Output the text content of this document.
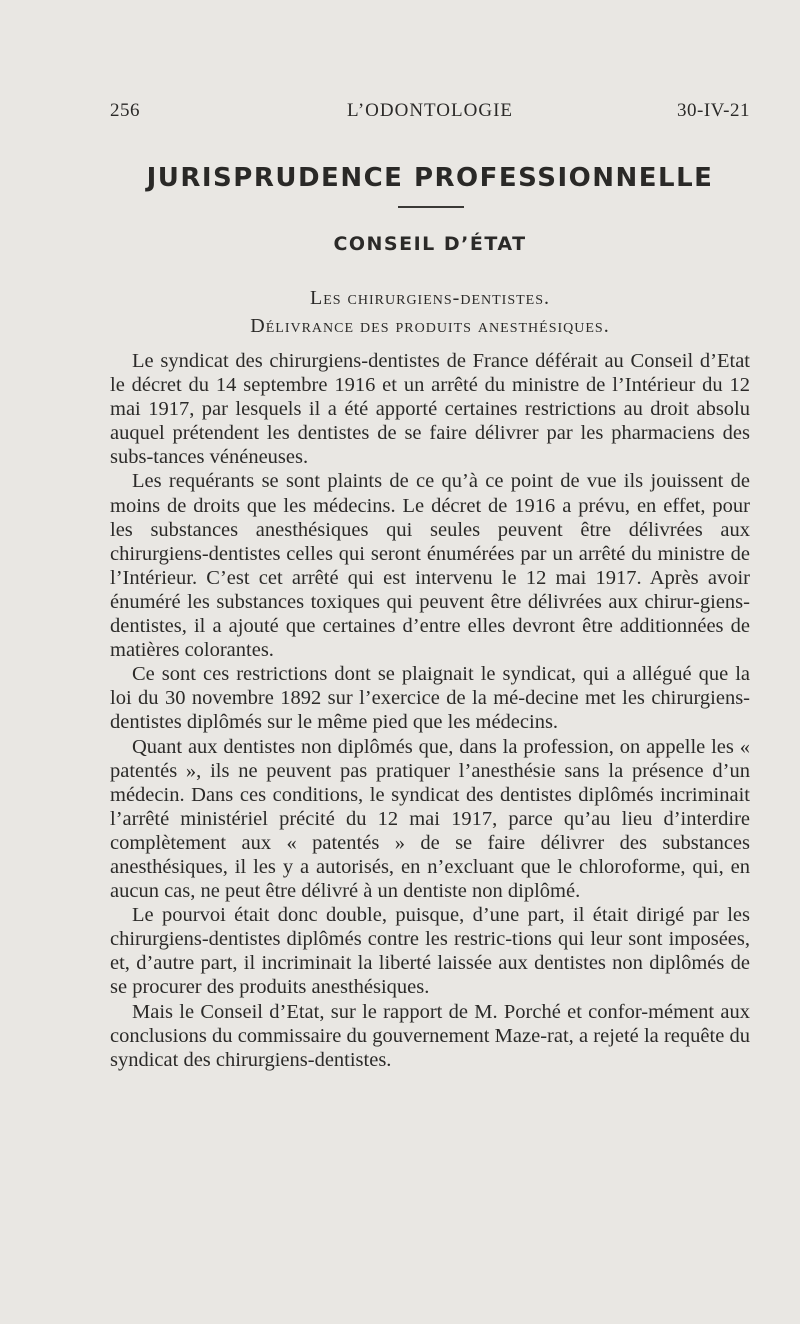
256	L’ODONTOLOGIE	30-IV-21
JURISPRUDENCE PROFESSIONNELLE
CONSEIL D’ÉTAT
Les chirurgiens-dentistes.
Délivrance des produits anesthésiques.

Le syndicat des chirurgiens-dentistes de France déférait au Conseil d’Etat le décret du 14 septembre 1916 et un arrêté du ministre de l’Intérieur du 12 mai 1917, par lesquels il a été apporté certaines restrictions au droit absolu auquel prétendent les dentistes de se faire délivrer par les pharmaciens des subs-tances vénéneuses.

Les requérants se sont plaints de ce qu’à ce point de vue ils jouissent de moins de droits que les médecins. Le décret de 1916 a prévu, en effet, pour les substances anesthésiques qui seules peuvent être délivrées aux chirurgiens-dentistes celles qui seront énumérées par un arrêté du ministre de l’Intérieur. C’est cet arrêté qui est intervenu le 12 mai 1917. Après avoir énuméré les substances toxiques qui peuvent être délivrées aux chirur-giens-dentistes, il a ajouté que certaines d’entre elles devront être additionnées de matières colorantes.

Ce sont ces restrictions dont se plaignait le syndicat, qui a allégué que la loi du 30 novembre 1892 sur l’exercice de la mé-decine met les chirurgiens-dentistes diplômés sur le même pied que les médecins.

Quant aux dentistes non diplômés que, dans la profession, on appelle les « patentés », ils ne peuvent pas pratiquer l’anesthésie sans la présence d’un médecin. Dans ces conditions, le syndicat des dentistes diplômés incriminait l’arrêté ministériel précité du 12 mai 1917, parce qu’au lieu d’interdire complètement aux « patentés » de se faire délivrer des substances anesthésiques, il les y a autorisés, en n’excluant que le chloroforme, qui, en aucun cas, ne peut être délivré à un dentiste non diplômé.

Le pourvoi était donc double, puisque, d’une part, il était dirigé par les chirurgiens-dentistes diplômés contre les restric-tions qui leur sont imposées, et, d’autre part, il incriminait la liberté laissée aux dentistes non diplômés de se procurer des produits anesthésiques.

Mais le Conseil d’Etat, sur le rapport de M. Porché et confor-mément aux conclusions du commissaire du gouvernement Maze-rat, a rejeté la requête du syndicat des chirurgiens-dentistes.
